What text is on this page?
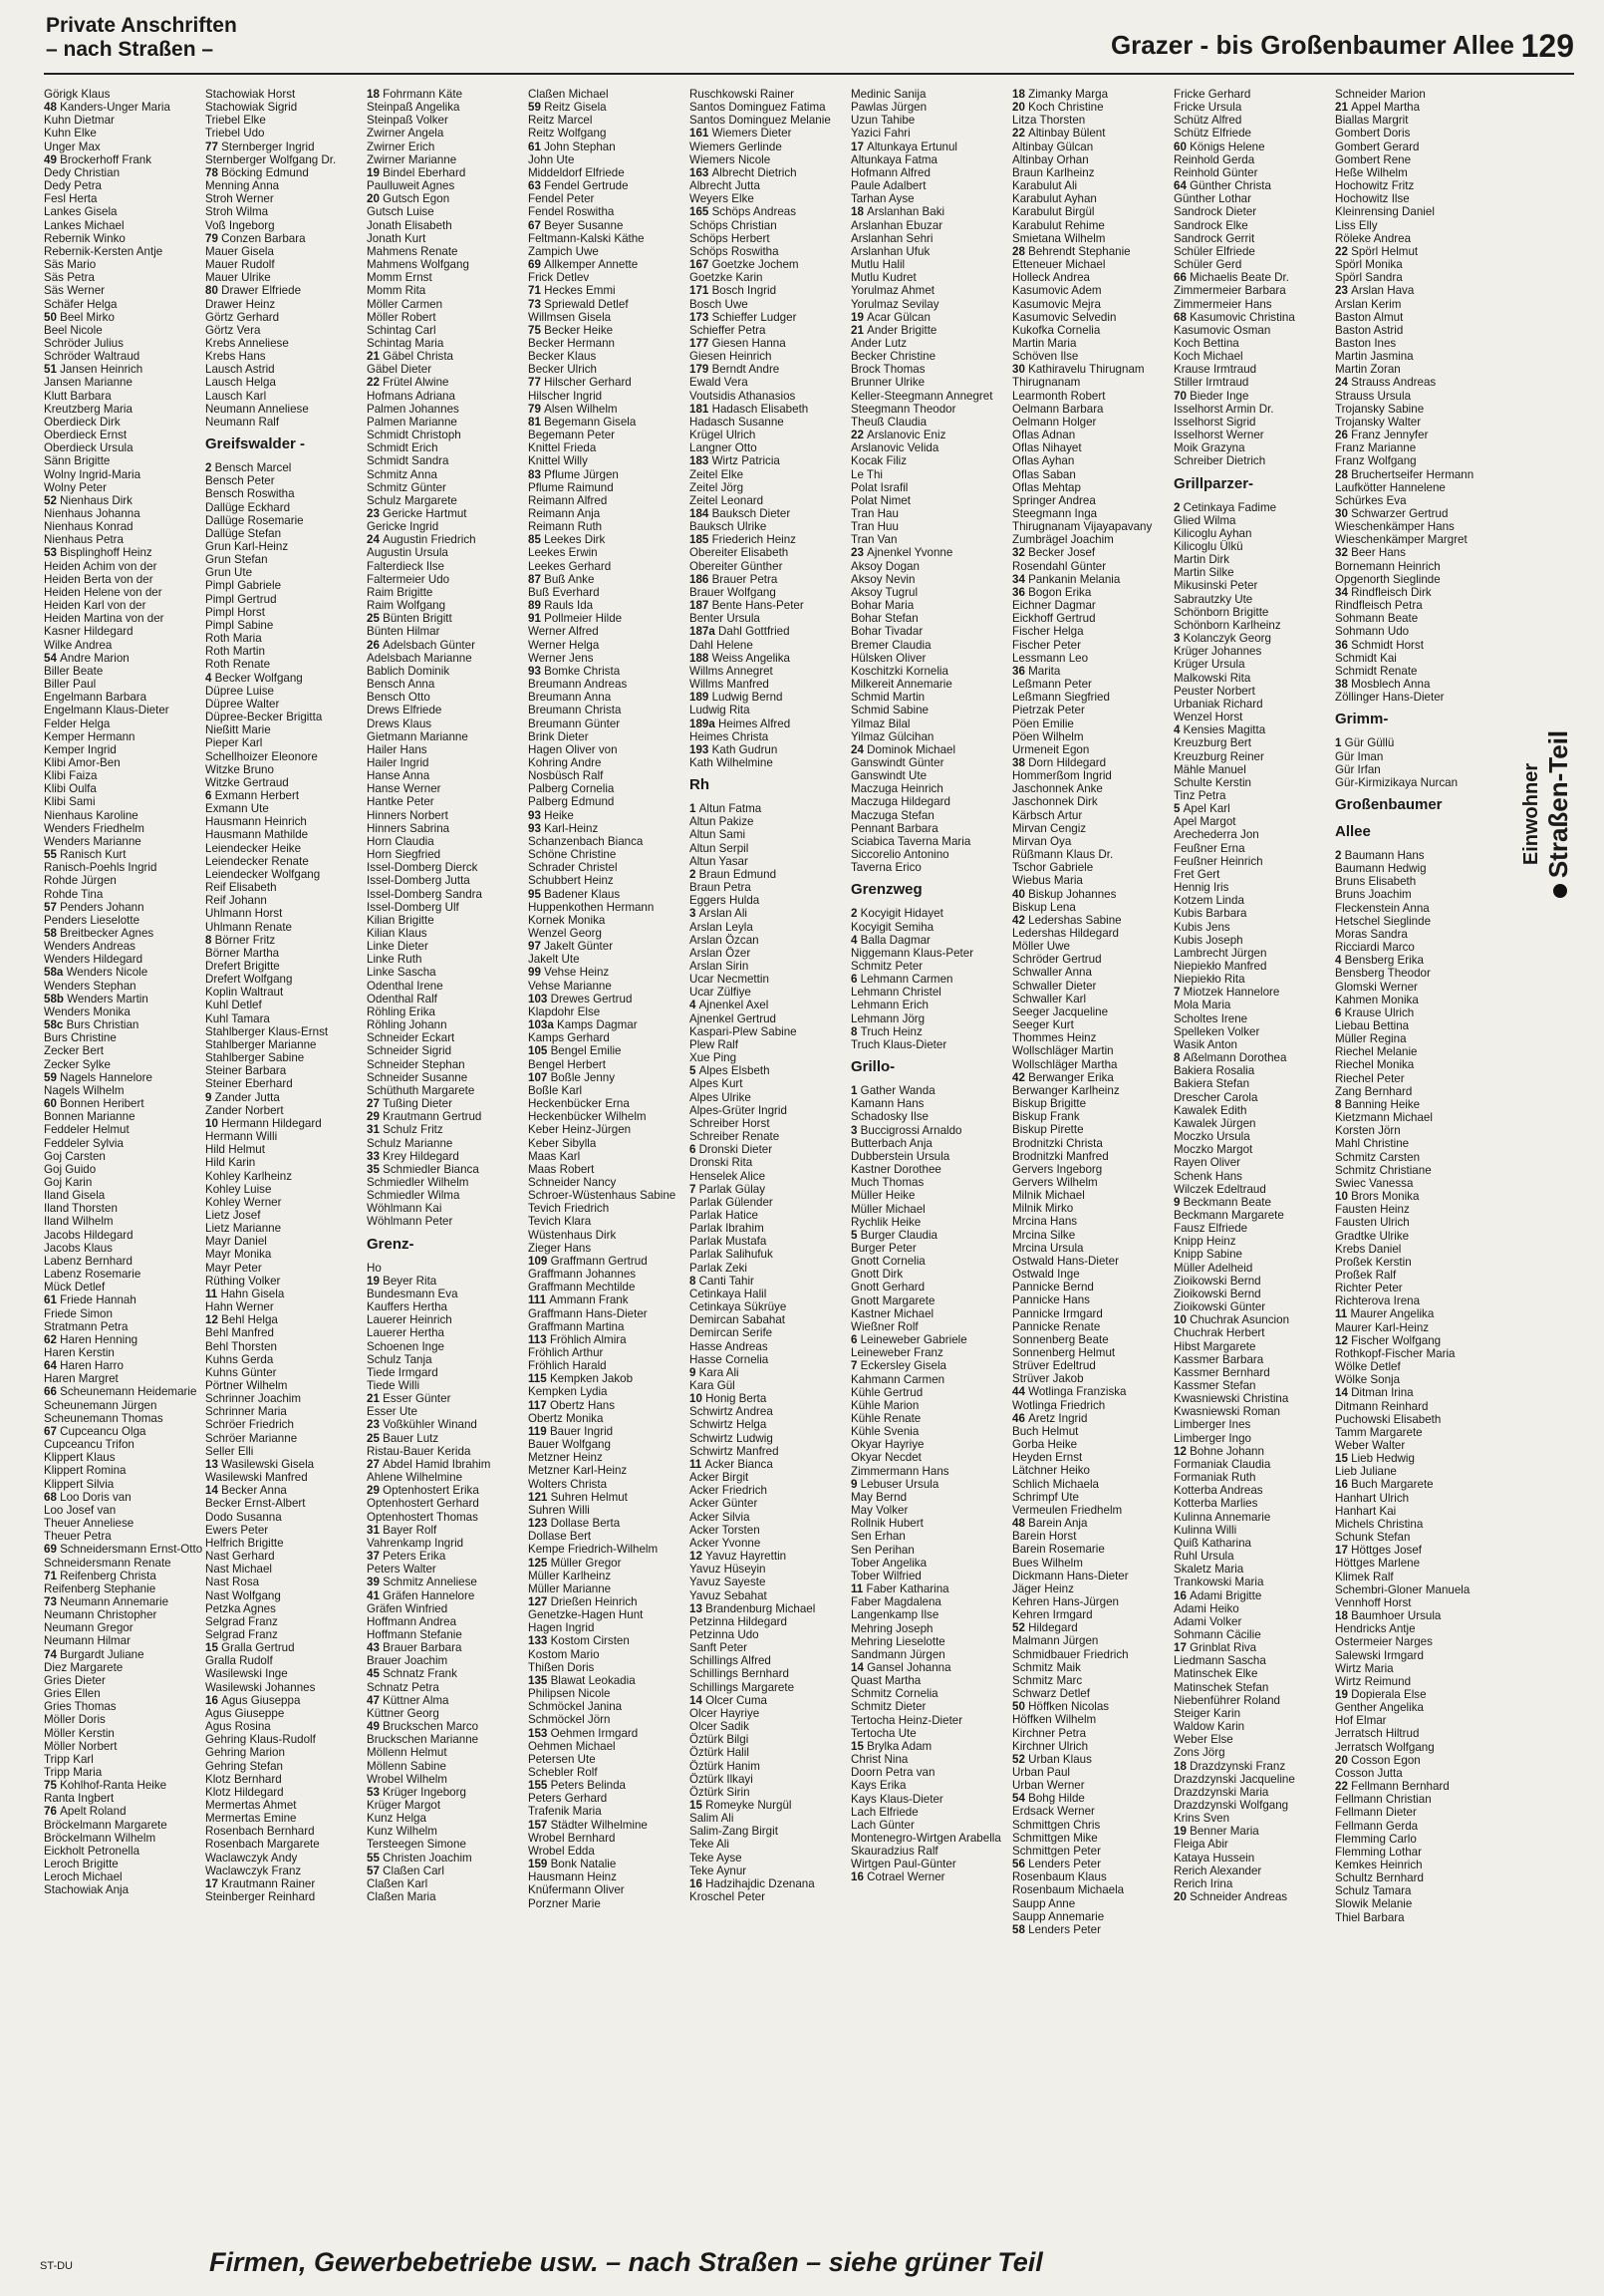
Private Anschriften
– nach Straßen –	Grazer - bis Großenbaumer Allee 129
Görigk Klaus
48 Kanders-Unger Maria
Kuhn Dietmar
Kuhn Elke
Unger Max
49 Brockerhoff Frank
Dedy Christian
Dedy Petra
Fesl Herta
Lankes Gisela
Lankes Michael
Rebernik Winko
Rebernik-Kersten Antje
Säs Mario
Säs Petra
Säs Werner
Schäfer Helga
50 Beel Mirko
Beel Nicole
Schröder Julius
Schröder Waltraud
51 Jansen Heinrich
Jansen Marianne
Klutt Barbara
Kreutzberg Maria
Oberdieck Dirk
Oberdieck Ernst
Oberdieck Ursula
Sänn Brigitte
Wolny Ingrid-Maria
Wolny Peter
52 Nienhaus Dirk
Nienhaus Johanna
Nienhaus Konrad
Nienhaus Petra
53 Bisplinghoff Heinz
Heiden Achim von der
Heiden Berta von der
Heiden Helene von der
Heiden Karl von der
Heiden Martina von der
Kasner Hildegard
Wilke Andrea
54 Andre Marion
Biller Beate
Biller Paul
Engelmann Barbara
Engelmann Klaus-Dieter
Felder Helga
Kemper Hermann
Kemper Ingrid
Klibi Amor-Ben
Klibi Faiza
Klibi Oulfa
Klibi Sami
Nienhaus Karoline
Wenders Friedhelm
Wenders Marianne
55 Ranisch Kurt
Ranisch-Poehls Ingrid
Rohde Jürgen
Rohde Tina
57 Penders Johann
Penders Lieselotte
58 Breitbecker Agnes
Wenders Andreas
Wenders Hildegard
58a Wenders Nicole
Wenders Stephan
58b Wenders Martin
Wenders Monika
58c Burs Christian
Burs Christine
Zecker Bert
Zecker Sylke
59 Nagels Hannelore
Nagels Wilhelm
60 Bonnen Heribert
Bonnen Marianne
Feddeler Helmut
Feddeler Sylvia
Goj Carsten
Goj Guido
Goj Karin
Iland Gisela
Iland Thorsten
Iland Wilhelm
Jacobs Hildegard
Jacobs Klaus
Labenz Bernhard
Labenz Rosemarie
Mück Detlef
61 Friede Hannah
Friede Simon
Stratmann Petra
62 Haren Henning
Haren Kerstin
64 Haren Harro
Haren Margret
66 Scheunemann Heidemarie
Scheunemann Jürgen
Scheunemann Thomas
67 Cupceancu Olga
Cupceancu Trifon
Klippert Klaus
Klippert Romina
Klippert Silvia
68 Loo Doris van
Loo Josef van
Theuer Anneliese
Theuer Petra
69 Schneidersmann Ernst-Otto
Schneidersmann Renate
71 Reifenberg Christa
Reifenberg Stephanie
73 Neumann Annemarie
Neumann Christopher
Neumann Gregor
Neumann Hilmar
74 Burgardt Juliane
Diez Margarete
Gries Dieter
Gries Ellen
Gries Thomas
Möller Doris
Möller Kerstin
Möller Norbert
Tripp Karl
Tripp Maria
75 Kohlhof-Ranta Heike
Ranta Ingbert
76 Apelt Roland
Bröckelmann Margarete
Bröckelmann Wilhelm
Eickholt Petronella
Leroch Brigitte
Leroch Michael
Stachowiak Anja
Stachowiak Horst
Stachowiak Sigrid
Triebel Elke
Triebel Udo
77 Sternberger Ingrid
Sternberger Wolfgang Dr.
78 Böcking Edmund
Menning Anna
Stroh Werner
Stroh Wilma
Voß Ingeborg
79 Conzen Barbara
Mauer Gisela
Mauer Rudolf
Mauer Ulrike
80 Drawer Elfriede
Drawer Heinz
Görtz Gerhard
Görtz Vera
Krebs Anneliese
Krebs Hans
Lausch Astrid
Lausch Helga
Lausch Karl
Neumann Anneliese
Neumann Ralf
Greifswalder -
2 Bensch Marcel
Bensch Peter
Bensch Roswitha
Dallüge Eckhard
Dallüge Rosemarie
Dallüge Stefan
Grun Karl-Heinz
Grun Stefan
Grun Ute
Pimpl Gabriele
Pimpl Gertrud
Pimpl Horst
Pimpl Sabine
Roth Maria
Roth Martin
Roth Renate
4 Becker Wolfgang
Düpree Luise
Düpree Walter
Düpree-Becker Brigitta
Nießitt Marie
Pieper Karl
Schellhoizer Eleonore
Witzke Bruno
Witzke Gertraud
6 Exmann Herbert
Exmann Ute
Hausmann Heinrich
Hausmann Mathilde
Leiendecker Heike
Leiendecker Renate
Leiendecker Wolfgang
Reif Elisabeth
Reif Johann
Uhlmann Horst
Uhlmann Renate
8 Börner Fritz
Börner Martha
Drefert Brigitte
Drefert Wolfgang
Koplin Waltraut
Kuhl Detlef
Kuhl Tamara
Stahlberger Klaus-Ernst
Stahlberger Marianne
Stahlberger Sabine
Steiner Barbara
Steiner Eberhard
9 Zander Jutta
Zander Norbert
10 Hermann Hildegard
Hermann Willi
Hild Helmut
Hild Karin
Kohley Karlheinz
Kohley Luise
Kohley Werner
Lietz Josef
Lietz Marianne
Mayr Daniel
Mayr Monika
Mayr Peter
Rüthing Volker
11 Hahn Gisela
Hahn Werner
12 Behl Helga
Behl Manfred
Behl Thorsten
Kuhns Gerda
Kuhns Günter
Pörtner Wilhelm
Schrinner Joachim
Schrinner Maria
Schröer Friedrich
Schröer Marianne
Seller Elli
13 Wasilewski Gisela
Wasilewski Manfred
14 Becker Anna
Becker Ernst-Albert
Dodo Susanna
Ewers Peter
Helfrich Brigitte
Nast Gerhard
Nast Michael
Nast Rosa
Nast Wolfgang
Petzka Agnes
Selgrad Franz
Selgrad Franz
15 Gralla Gertrud
Gralla Rudolf
Wasilewski Inge
Wasilewski Johannes
16 Agus Giuseppa
Agus Giuseppe
Agus Rosina
Gehring Klaus-Rudolf
Gehring Marion
Gehring Stefan
Klotz Bernhard
Klotz Hildegard
Mermertas Ahmet
Mermertas Emine
Rosenbach Bernhard
Rosenbach Margarete
Waclawczyk Andy
Waclawczyk Franz
17 Krautmann Rainer
Steinberger Reinhard
18 Fohrmann Käte
Steinpaß Angelika
Steinpaß Volker
Zwirner Angela
Zwirner Erich
Zwirner Marianne
19 Bindel Eberhard
Paulluweit Agnes
20 Gutsch Egon
Gutsch Luise
Jonath Elisabeth
Jonath Kurt
Mahmens Renate
Mahmens Wolfgang
Momm Ernst
Momm Rita
Möller Carmen
Möller Robert
Schintag Carl
Schintag Maria
21 Gäbel Christa
Gäbel Dieter
22 Frütel Alwine
Hofmans Adriana
Palmen Johannes
Palmen Marianne
Schmidt Christoph
Schmidt Erich
Schmidt Sandra
Schmitz Anna
Schmitz Günter
Schulz Margarete
23 Gericke Hartmut
Gericke Ingrid
24 Augustin Friedrich
Augustin Ursula
Falterdieck Ilse
Faltermeier Udo
Raim Brigitte
Raim Wolfgang
25 Bünten Brigitt
Bünten Hilmar
26 Adelsbach Günter
Adelsbach Marianne
Bablich Dominik
Bensch Anna
Bensch Otto
Drews Elfriede
Drews Klaus
Gietmann Marianne
Hailer Hans
Hailer Ingrid
Hanse Anna
Hanse Werner
Hantke Peter
Hinners Norbert
Hinners Sabrina
Horn Claudia
Horn Siegfried
Issel-Domberg Dierck
Issel-Domberg Jutta
Issel-Domberg Sandra
Issel-Domberg Ulf
Kilian Brigitte
Kilian Klaus
Linke Dieter
Linke Ruth
Linke Sascha
Odenthal Irene
Odenthal Ralf
Röhling Erika
Röhling Johann
Schneider Eckart
Schneider Sigrid
Schneider Stephan
Schneider Susanne
Schüthuth Margarete
27 Tußing Dieter
29 Krautmann Gertrud
31 Schulz Fritz
Schulz Marianne
33 Krey Hildegard
35 Schmiedler Bianca
Schmiedler Wilhelm
Schmiedler Wilma
Wöhlmann Kai
Wöhlmann Peter
Grenz-
Ho
19 Beyer Rita
Bundesmann Eva
Kauffers Hertha
Lauerer Heinrich
Lauerer Hertha
Schoenen Inge
Schulz Tanja
Tiede Irmgard
Tiede Willi
21 Esser Günter
Esser Ute
23 Voßkühler Winand
25 Bauer Lutz
Ristau-Bauer Kerida
27 Abdel Hamid Ibrahim
Ahlene Wilhelmine
29 Optenhostert Erika
Optenhostert Gerhard
Optenhostert Thomas
31 Bayer Rolf
Vahrenkamp Ingrid
37 Peters Erika
Peters Walter
39 Schmitz Anneliese
41 Gräfen Hannelore
Gräfen Winfried
Hoffmann Andrea
Hoffmann Stefanie
43 Brauer Barbara
Brauer Joachim
45 Schnatz Frank
Schnatz Petra
47 Küttner Alma
Küttner Georg
49 Bruckschen Marco
Bruckschen Marianne
Möllenn Helmut
Möllenn Sabine
Wrobel Wilhelm
53 Krüger Ingeborg
Krüger Margot
Kunz Helga
Kunz Wilhelm
Tersteegen Simone
55 Christen Joachim
57 Claßen Carl
Claßen Karl
Claßen Maria
Claßen Michael
59 Reitz Gisela
Reitz Marcel
Reitz Wolfgang
61 John Stephan
John Ute
Middeldorf Elfriede
63 Fendel Gertrude
Fendel Peter
Fendel Roswitha
67 Beyer Susanne
Feltmann-Kalski Käthe
Zampich Uwe
69 Allkemper Annette
Frick Detlev
71 Heckes Emmi
73 Spriewald Detlef
Willmsen Gisela
75 Becker Heike
Becker Hermann
Becker Klaus
Becker Ulrich
77 Hilscher Gerhard
Hilscher Ingrid
79 Alsen Wilhelm
81 Begemann Gisela
Begemann Peter
Knittel Frieda
Knittel Willy
83 Pflume Jürgen
Pflume Raimund
Reimann Alfred
Reimann Anja
Reimann Ruth
85 Leekes Dirk
Leekes Erwin
Leekes Gerhard
87 Buß Anke
Buß Everhard
89 Rauls Ida
91 Pollmeier Hilde
Werner Alfred
Werner Helga
Werner Jens
93 Bomke Christa
Breumann Andreas
Breumann Anna
Breumann Christa
Breumann Günter
Brink Dieter
Hagen Oliver von
Kohring Andre
Nosbüsch Ralf
Palberg Cornelia
Palberg Edmund
93 Heike
93 Karl-Heinz
Schanzenbach Bianca
Schöne Christine
Schrader Christel
Schubbert Heinz
95 Badener Klaus
Huppenkothen Hermann
Kornek Monika
Wenzel Georg
97 Jakelt Günter
Jakelt Ute
99 Vehse Heinz
Vehse Marianne
103 Drewes Gertrud
Klapdohr Else
103a Kamps Dagmar
Kamps Gerhard
105 Bengel Emilie
Bengel Herbert
107 Boßle Jenny
Boßle Karl
Heckenbücker Erna
Heckenbücker Wilhelm
Keber Heinz-Jürgen
Keber Sibylla
Maas Karl
Maas Robert
Schneider Nancy
Schroer-Wüstenhaus Sabine
Tevich Friedrich
Tevich Klara
Wüstenhaus Dirk
Zieger Hans
109 Graffmann Gertrud
Graffmann Johannes
Graffmann Mechtilde
111 Ammann Frank
Graffmann Hans-Dieter
Graffmann Martina
113 Fröhlich Almira
Fröhlich Arthur
Fröhlich Harald
115 Kempken Jakob
Kempken Lydia
117 Obertz Hans
Obertz Monika
119 Bauer Ingrid
Bauer Wolfgang
Metzner Heinz
Metzner Karl-Heinz
Wolters Christa
121 Suhren Helmut
Suhren Willi
123 Dollase Berta
Dollase Bert
Kempe Friedrich-Wilhelm
125 Müller Gregor
Müller Karlheinz
Müller Marianne
127 Drießen Heinrich
Genetzke-Hagen Hunt
Hagen Ingrid
133 Kostom Cirsten
Kostom Mario
Thißen Doris
135 Blawat Leokadia
Philipsen Nicole
Schmöckel Janina
Schmöckel Jörn
153 Oehmen Irmgard
Oehmen Michael
Petersen Ute
Schebler Rolf
155 Peters Belinda
Peters Gerhard
Trafenik Maria
157 Städter Wilhelmine
Wrobel Bernhard
Wrobel Edda
159 Bonk Natalie
Hausmann Heinz
Knüfermann Oliver
Porzner Marie
Ruschkowski Rainer
Santos Dominguez Fatima
Santos Dominguez Melanie
161 Wiemers Dieter
Wiemers Gerlinde
Wiemers Nicole
163 Albrecht Dietrich
Albrecht Jutta
Weyers Elke
165 Schöps Andreas
Schöps Christian
Schöps Herbert
Schöps Roswitha
167 Goetzke Jochem
Goetzke Karin
171 Bosch Ingrid
Bosch Uwe
173 Schieffer Ludger
Schieffer Petra
177 Giesen Hanna
Giesen Heinrich
179 Berndt Andre
Ewald Vera
Voutsidis Athanasios
181 Hadasch Elisabeth
Hadasch Susanne
Krügel Ulrich
Langner Otto
183 Wirtz Patricia
Zeitel Elke
Zeitel Jörg
Zeitel Leonard
184 Bauksch Dieter
Bauksch Ulrike
185 Friederich Heinz
Obereiter Elisabeth
Obereiter Günther
186 Brauer Petra
Brauer Wolfgang
187 Bente Hans-Peter
Benter Ursula
187a Dahl Gottfried
Dahl Helene
188 Weiss Angelika
Willms Annegret
Willms Manfred
189 Ludwig Bernd
Ludwig Rita
189a Heimes Alfred
Heimes Christa
193 Kath Gudrun
Kath Wilhelmine
Rh
1 Altun Fatma
Altun Pakize
Altun Sami
Altun Serpil
Altun Yasar
2 Braun Edmund
Braun Petra
Eggers Hulda
3 Arslan Ali
Arslan Leyla
Arslan Özcan
Arslan Özer
Arslan Sirin
Ucar Necmettin
Ucar Zülfiye
4 Ajnenkel Axel
Ajnenkel Gertrud
Kaspari-Plew Sabine
Plew Ralf
Xue Ping
5 Alpes Elsbeth
Alpes Kurt
Alpes Ulrike
Alpes-Grüter Ingrid
Schreiber Horst
Schreiber Renate
6 Dronski Dieter
Dronski Rita
Henselek Alice
7 Parlak Gülay
Parlak Gülender
Parlak Hatice
Parlak Ibrahim
Parlak Mustafa
Parlak Salihufuk
Parlak Zeki
8 Canti Tahir
Cetinkaya Halil
Cetinkaya Sükrüye
Demircan Sabahat
Demircan Serife
Hasse Andreas
Hasse Cornelia
9 Kara Ali
Kara Gül
10 Honig Berta
Schwirtz Andrea
Schwirtz Helga
Schwirtz Ludwig
Schwirtz Manfred
11 Acker Bianca
Acker Birgit
Acker Friedrich
Acker Günter
Acker Silvia
Acker Torsten
Acker Yvonne
12 Yavuz Hayrettin
Yavuz Hüseyin
Yavuz Sayeste
Yavuz Sebahat
13 Brandenburg Michael
Petzinna Hildegard
Petzinna Udo
Sanft Peter
Schillings Alfred
Schillings Bernhard
Schillings Margarete
14 Olcer Cuma
Olcer Hayriye
Olcer Sadik
Öztürk Bilgi
Öztürk Halil
Öztürk Hanim
Öztürk Ilkayi
Öztürk Sirin
15 Romeyke Nurgül
Salim Ali
Salim-Zang Birgit
Teke Ali
Teke Ayse
Teke Aynur
16 Hadzihajdic Dzenana
Kroschel Peter
Medinic Sanija
Pawlas Jürgen
Uzun Tahibe
Yazici Fahri
17 Altunkaya Ertunul
Altunkaya Fatma
Hofmann Alfred
Paule Adalbert
Tarhan Ayse
18 Arslanhan Baki
Arslanhan Ebuzar
Arslanhan Sehri
Arslanhan Ufuk
Mutlu Halil
Mutlu Kudret
Yorulmaz Ahmet
Yorulmaz Sevilay
19 Acar Gülcan
21 Ander Brigitte
Ander Lutz
Becker Christine
Brock Thomas
Brunner Ulrike
Keller-Steegmann Annegret
Steegmann Theodor
Theuß Claudia
22 Arslanovic Eniz
Arslanovic Velida
Kocak Filiz
Le Thi
Polat Israfil
Polat Nimet
Tran Hau
Tran Huu
Tran Van
23 Ajnenkel Yvonne
Aksoy Dogan
Aksoy Nevin
Aksoy Tugrul
Bohar Maria
Bohar Stefan
Bohar Tivadar
Bremer Claudia
Hülsken Oliver
Koschitzki Kornelia
Milkereit Annemarie
Schmid Martin
Schmid Sabine
Yilmaz Bilal
Yilmaz Gülcihan
24 Dominok Michael
Ganswindt Günter
Ganswindt Ute
Maczuga Heinrich
Maczuga Hildegard
Maczuga Stefan
Pennant Barbara
Sciabica Taverna Maria
Siccorelio Antonino
Taverna Erico
Grenzweg
2 Kocyigit Hidayet
Kocyigit Semiha
4 Balla Dagmar
Niggemann Klaus-Peter
Schmitz Peter
6 Lehmann Carmen
Lehmann Christel
Lehmann Erich
Lehmann Jörg
8 Truch Heinz
Truch Klaus-Dieter
Grillo-
1 Gather Wanda
Kamann Hans
Schadosky Ilse
3 Buccigrossi Arnaldo
Butterbach Anja
Dubberstein Ursula
Kastner Dorothee
Much Thomas
Müller Heike
Müller Michael
Rychlik Heike
5 Burger Claudia
Burger Peter
Gnott Cornelia
Gnott Dirk
Gnott Gerhard
Gnott Margarete
Kastner Michael
Wießner Rolf
6 Leineweber Gabriele
Leineweber Franz
7 Eckersley Gisela
Kahmann Carmen
Kühle Gertrud
Kühle Marion
Kühle Renate
Kühle Svenia
Okyar Hayriye
Okyar Necdet
Zimmermann Hans
9 Lebuser Ursula
May Bernd
May Volker
Rollnik Hubert
Sen Erhan
Sen Perihan
Tober Angelika
Tober Wilfried
11 Faber Katharina
Faber Magdalena
Langenkamp Ilse
Mehring Joseph
Mehring Lieselotte
Sandmann Jürgen
14 Gansel Johanna
Quast Martha
Schmitz Cornelia
Schmitz Dieter
Tertocha Heinz-Dieter
Tertocha Ute
15 Brylka Adam
Christ Nina
Doorn Petra van
Kays Erika
Kays Klaus-Dieter
Lach Elfriede
Lach Günter
Montenegro-Wirtgen Arabella
Skauradzius Ralf
Wirtgen Paul-Günter
16 Cotrael Werner
18 Zimanky Marga
20 Koch Christine
Litza Thorsten
22 Altinbay Bülent
Altinbay Gülcan
Altinbay Orhan
Braun Karlheinz
Karabulut Ali
Karabulut Ayhan
Karabulut Birgül
Karabulut Rehime
Smietana Wilhelm
28 Behrendt Stephanie
Etteneuer Michael
Holleck Andrea
Kasumovic Adem
Kasumovic Mejra
Kasumovic Selvedin
Kukofka Cornelia
Martin Maria
Schöven Ilse
30 Kathiravelu Thirugnam
Thirugnanam
Learmonth Robert
Oelmann Barbara
Oelmann Holger
Oflas Adnan
Oflas Nihayet
Oflas Ayhan
Oflas Saban
Oflas Mehtap
Springer Andrea
Steegmann Inga
Thirugnanam Vijayapavany
Zumbrägel Joachim
32 Becker Josef
Rosendahl Günter
34 Pankanin Melania
36 Bogon Erika
Eichner Dagmar
Eickhoff Gertrud
Fischer Helga
Fischer Peter
Lessmann Leo
36 Marita
Leßmann Peter
Leßmann Siegfried
Pietrzak Peter
Pöen Emilie
Pöen Wilhelm
Urmeneit Egon
38 Dorn Hildegard
Hommerßom Ingrid
Jaschonnek Anke
Jaschonnek Dirk
Kärbsch Artur
Mirvan Cengiz
Mirvan Oya
Rüßmann Klaus Dr.
Tschor Gabriele
Wiebus Maria
40 Biskup Johannes
Biskup Lena
42 Ledershas Sabine
Ledershas Hildegard
Möller Uwe
Schröder Gertrud
Schwaller Anna
Schwaller Dieter
Schwaller Karl
Seeger Jacqueline
Seeger Kurt
Thommes Heinz
Wollschläger Martin
Wollschläger Martha
42 Berwanger Erika
Berwanger Karlheinz
Biskup Brigitte
Biskup Frank
Biskup Pirette
Brodnitzki Christa
Brodnitzki Manfred
Gervers Ingeborg
Gervers Wilhelm
Milnik Michael
Milnik Mirko
Mrcina Hans
Mrcina Silke
Mrcina Ursula
Ostwald Hans-Dieter
Ostwald Inge
Pannicke Bernd
Pannicke Hans
Pannicke Irmgard
Pannicke Renate
Sonnenberg Beate
Sonnenberg Helmut
Strüver Edeltrud
Strüver Jakob
44 Wotlinga Franziska
Wotlinga Friedrich
46 Aretz Ingrid
Buch Helmut
Gorba Heike
Heyden Ernst
Lätchner Heiko
Schlich Michaela
Schrimpf Ute
Vermeulen Friedhelm
48 Barein Anja
Barein Horst
Barein Rosemarie
Bues Wilhelm
Dickmann Hans-Dieter
Jäger Heinz
Kehren Hans-Jürgen
Kehren Irmgard
52 Hildegard
Malmann Jürgen
Schmidbauer Friedrich
Schmitz Maik
Schmitz Marc
Schwarz Detlef
50 Höffken Nicolas
Höffken Wilhelm
Kirchner Petra
Kirchner Ulrich
52 Urban Klaus
Urban Paul
Urban Werner
54 Bohg Hilde
Erdsack Werner
Schmittgen Chris
Schmittgen Mike
Schmittgen Peter
56 Lenders Peter
Rosenbaum Klaus
Rosenbaum Michaela
Saupp Anne
Saupp Annemarie
58 Lenders Peter
Fricke Gerhard
Fricke Ursula
Schütz Alfred
Schütz Elfriede
60 Königs Helene
Reinhold Gerda
Reinhold Günter
64 Günther Christa
Günther Lothar
Sandrock Dieter
Sandrock Elke
Sandrock Gerrit
Schüler Elfriede
Schüler Gerd
66 Michaelis Beate Dr.
Zimmermeier Barbara
Zimmermeier Hans
68 Kasumovic Christina
Kasumovic Osman
Koch Bettina
Koch Michael
Krause Irmtraud
Stiller Irmtraud
70 Bieder Inge
Isselhorst Armin Dr.
Isselhorst Sigrid
Isselhorst Werner
Moik Grazyna
Schreiber Dietrich
Grillparzer-
2 Cetinkaya Fadime
Glied Wilma
Kilicoglu Ayhan
Kilicoglu Ülkü
Martin Dirk
Martin Silke
Mikusinski Peter
Sabrautzky Ute
Schönborn Brigitte
Schönborn Karlheinz
3 Kolanczyk Georg
Krüger Johannes
Krüger Ursula
Malkowski Rita
Peuster Norbert
Urbaniak Richard
Wenzel Horst
4 Kensies Magitta
Kreuzburg Bert
Kreuzburg Reiner
Mähle Manuel
Schulte Kerstin
Tinz Petra
5 Apel Karl
Apel Margot
Arechederra Jon
Feußner Erna
Feußner Heinrich
Fret Gert
Hennig Iris
Kotzem Linda
Kubis Barbara
Kubis Jens
Kubis Joseph
Lambrecht Jürgen
Niepiekło Manfred
Niepiekło Rita
7 Miotzek Hannelore
Mola Maria
Scholtes Irene
Spelleken Volker
Wasik Anton
8 Aßelmann Dorothea
Bakiera Rosalia
Bakiera Stefan
Drescher Carola
Kawalek Edith
Kawalek Jürgen
Moczko Ursula
Moczko Margot
Rayen Oliver
Schenk Hans
Wilczek Edeltraud
9 Beckmann Beate
Beckmann Margarete
Fausz Elfriede
Knipp Heinz
Knipp Sabine
Müller Adelheid
Zioikowski Bernd
Zioikowski Bernd
Zioikowski Günter
10 Chuchrak Asuncion
Chuchrak Herbert
Hibst Margarete
Kassmer Barbara
Kassmer Bernhard
Kassmer Stefan
Kwasniewski Christina
Kwasniewski Roman
Limberger Ines
Limberger Ingo
12 Bohne Johann
Formaniak Claudia
Formaniak Ruth
Kotterba Andreas
Kotterba Marlies
Kulinna Annemarie
Kulinna Willi
Quiß Katharina
Ruhl Ursula
Skaletz Maria
Trankowski Maria
16 Adami Brigitte
Adami Heiko
Adami Volker
Sohmann Cäcilie
17 Grinblat Riva
Liedmann Sascha
Matinschek Elke
Matinschek Stefan
Niebenführer Roland
Steiger Karin
Waldow Karin
Weber Else
Zons Jörg
18 Drazdzynski Franz
Drazdzynski Jacqueline
Drazdzynski Maria
Drazdzynski Wolfgang
Krins Sven
19 Benner Maria
Fleiga Abir
Kataya Hussein
Rerich Alexander
Rerich Irina
20 Schneider Andreas
Schneider Marion
21 Appel Martha
Biallas Margrit
Gombert Doris
Gombert Gerard
Gombert Rene
Heße Wilhelm
Hochowitz Fritz
Hochowitz Ilse
Kleinrensing Daniel
Liss Elly
Röleke Andrea
22 Spörl Helmut
Spörl Monika
Spörl Sandra
23 Arslan Hava
Arslan Kerim
Baston Almut
Baston Astrid
Baston Ines
Martin Jasmina
Martin Zoran
24 Strauss Andreas
Strauss Ursula
Trojansky Sabine
Trojansky Walter
26 Franz Jennyfer
Franz Marianne
Franz Wolfgang
28 Bruchertseifer Hermann
Laufkötter Hannelene
Schürkes Eva
30 Schwarzer Gertrud
Wieschenkämper Hans
Wieschenkämper Margret
32 Beer Hans
Bornemann Heinrich
Opgenorth Sieglinde
34 Rindfleisch Dirk
Rindfleisch Petra
Sohmann Beate
Sohmann Udo
36 Schmidt Horst
Schmidt Kai
Schmidt Renate
38 Mosblech Anna
Zöllinger Hans-Dieter
Grimm-
1 Gür Güllü
Gür Iman
Gür Irfan
Gür-Kirmizikaya Nurcan
Großenbaumer
Allee
2 Baumann Hans
Baumann Hedwig
Bruns Elisabeth
Bruns Joachim
Fleckenstein Anna
Hetschel Sieglinde
Moras Sandra
Ricciardi Marco
4 Bensberg Erika
Bensberg Theodor
Glomski Werner
Kahmen Monika
6 Krause Ulrich
Liebau Bettina
Müller Regina
Riechel Melanie
Riechel Monika
Riechel Peter
Zang Bernhard
8 Banning Heike
Kietzmann Michael
Korsten Jörn
Mahl Christine
Schmitz Carsten
Schmitz Christiane
Swiec Vanessa
10 Brors Monika
Fausten Heinz
Fausten Ulrich
Gradtke Ulrike
Krebs Daniel
Proßek Kerstin
Proßek Ralf
Richter Peter
Richterova Irena
11 Maurer Angelika
Maurer Karl-Heinz
12 Fischer Wolfgang
Rothkopf-Fischer Maria
Wölke Detlef
Wölke Sonja
14 Ditman Irina
Ditmann Reinhard
Puchowski Elisabeth
Tamm Margarete
Weber Walter
15 Lieb Hedwig
Lieb Juliane
16 Buch Margarete
Hanhart Ulrich
Hanhart Kai
Michels Christina
Schunk Stefan
17 Höttges Josef
Höttges Marlene
Klimek Ralf
Schembri-Gloner Manuela
Vennhoff Horst
18 Baumhoer Ursula
Hendricks Antje
Ostermeier Narges
Salewski Irmgard
Wirtz Maria
Wirtz Reimund
19 Dopierala Else
Genther Angelika
Hof Elmar
Jerratsch Hiltrud
Jerratsch Wolfgang
20 Cosson Egon
Cosson Jutta
22 Fellmann Bernhard
Fellmann Christian
Fellmann Dieter
Fellmann Gerda
Flemming Carlo
Flemming Lothar
Kemkes Heinrich
Schultz Bernhard
Schulz Tamara
Slowik Melanie
Thiel Barbara
Einwohner Straßen-Teil
ST-DU	Firmen, Gewerbebetriebe usw. – nach Straßen – siehe grüner Teil
